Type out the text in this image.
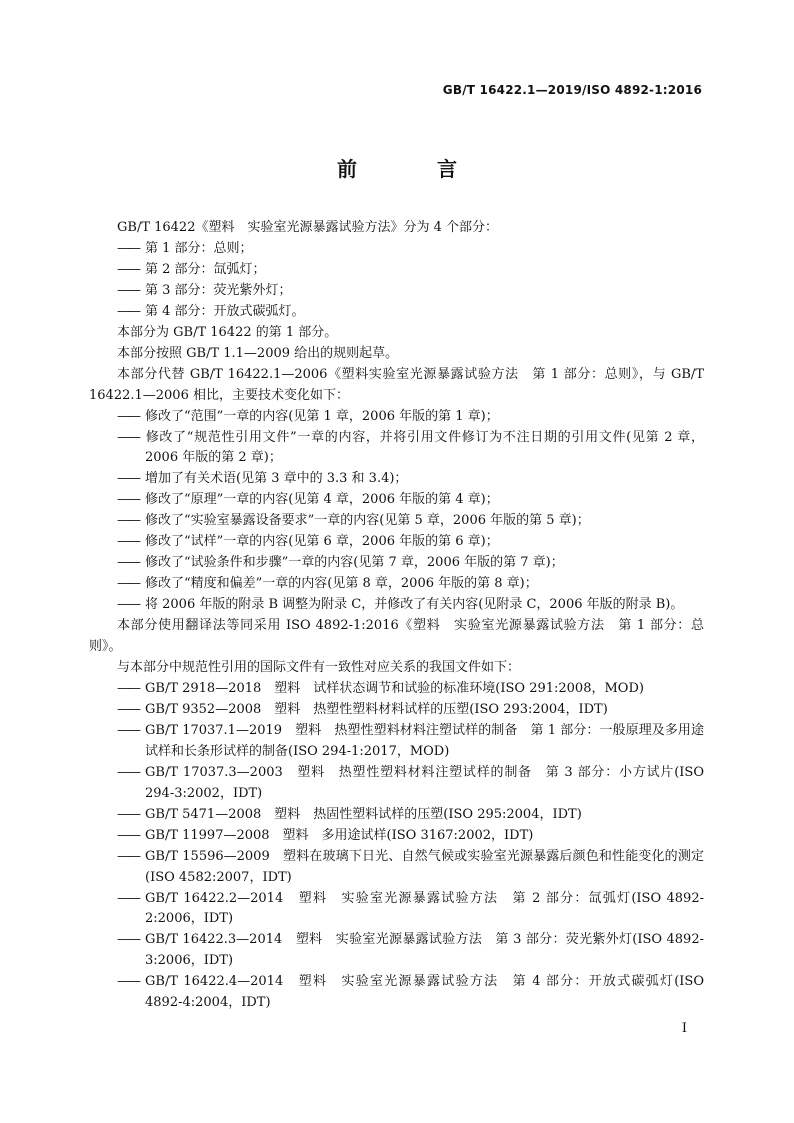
GB/T 16422.1—2019/ISO 4892-1:2016
前　言

GB/T 16422《塑料　实验室光源暴露试验方法》分为 4 个部分：

—— 第 1 部分：总则；

—— 第 2 部分：氙弧灯；

—— 第 3 部分：荧光紫外灯；

—— 第 4 部分：开放式碳弧灯。

本部分为 GB/T 16422 的第 1 部分。

本部分按照 GB/T 1.1—2009 给出的规则起草。

本部分代替 GB/T 16422.1—2006《塑料实验室光源暴露试验方法　第 1 部分：总则》，与 GB/T 16422.1—2006 相比，主要技术变化如下：

—— 修改了“范围”一章的内容(见第 1 章，2006 年版的第 1 章)；

—— 修改了“规范性引用文件”一章的内容，并将引用文件修订为不注日期的引用文件(见第 2 章，2006 年版的第 2 章)；

—— 增加了有关术语(见第 3 章中的 3.3 和 3.4)；

—— 修改了“原理”一章的内容(见第 4 章，2006 年版的第 4 章)；

—— 修改了“实验室暴露设备要求”一章的内容(见第 5 章，2006 年版的第 5 章)；

—— 修改了“试样”一章的内容(见第 6 章，2006 年版的第 6 章)；

—— 修改了“试验条件和步骤”一章的内容(见第 7 章，2006 年版的第 7 章)；

—— 修改了“精度和偏差”一章的内容(见第 8 章，2006 年版的第 8 章)；

—— 将 2006 年版的附录 B 调整为附录 C，并修改了有关内容(见附录 C，2006 年版的附录 B)。

本部分使用翻译法等同采用 ISO 4892-1:2016《塑料　实验室光源暴露试验方法　第 1 部分：总则》。

与本部分中规范性引用的国际文件有一致性对应关系的我国文件如下：

—— GB/T 2918—2018　塑料　试样状态调节和试验的标准环境(ISO 291:2008，MOD)

—— GB/T 9352—2008　塑料　热塑性塑料材料试样的压塑(ISO 293:2004，IDT)

—— GB/T 17037.1—2019　塑料　热塑性塑料材料注塑试样的制备　第 1 部分：一般原理及多用途试样和长条形试样的制备(ISO 294-1:2017，MOD)

—— GB/T 17037.3—2003　塑料　热塑性塑料材料注塑试样的制备　第 3 部分：小方试片(ISO 294-3:2002，IDT)

—— GB/T 5471—2008　塑料　热固性塑料试样的压塑(ISO 295:2004，IDT)

—— GB/T 11997—2008　塑料　多用途试样(ISO 3167:2002，IDT)

—— GB/T 15596—2009　塑料在玻璃下日光、自然气候或实验室光源暴露后颜色和性能变化的测定(ISO 4582:2007，IDT)

—— GB/T 16422.2—2014　塑料　实验室光源暴露试验方法　第 2 部分：氙弧灯(ISO 4892-2:2006，IDT)

—— GB/T 16422.3—2014　塑料　实验室光源暴露试验方法　第 3 部分：荧光紫外灯(ISO 4892-3:2006，IDT)

—— GB/T 16422.4—2014　塑料　实验室光源暴露试验方法　第 4 部分：开放式碳弧灯(ISO 4892-4:2004，IDT)

I
